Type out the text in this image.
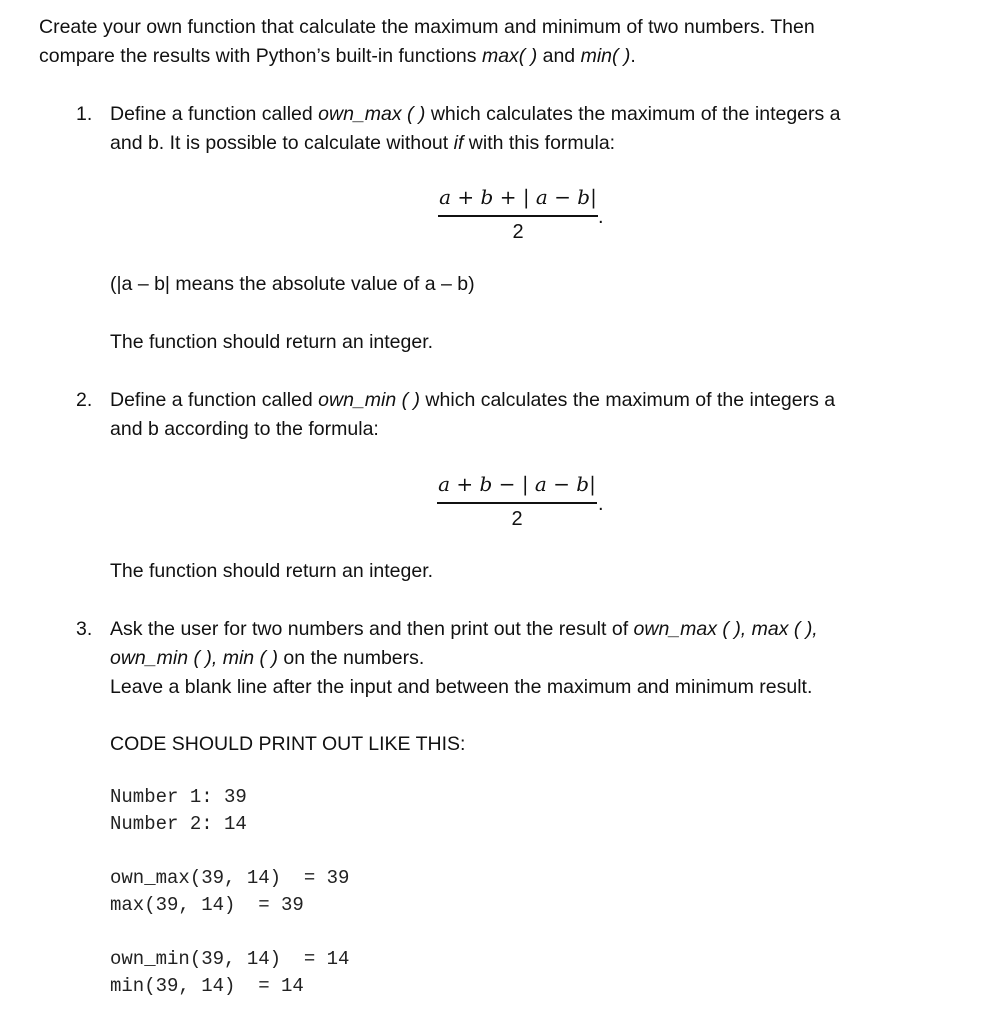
Create your own function that calculate the maximum and minimum of two numbers. Then
compare the results with Python’s built-in functions max( ) and min( ).
1. Define a function called own_max ( ) which calculates the maximum of the integers a
and b. It is possible to calculate without if with this formula:
a + b + | a − b|
2
.
(|a – b| means the absolute value of a – b)
The function should return an integer.
2. Define a function called own_min ( ) which calculates the maximum of the integers a
and b according to the formula:
a + b − | a − b|
2
.
The function should return an integer.
3. Ask the user for two numbers and then print out the result of own_max ( ), max ( ),
own_min ( ), min ( ) on the numbers.
Leave a blank line after the input and between the maximum and minimum result.
CODE SHOULD PRINT OUT LIKE THIS:
Number 1: 39
Number 2: 14
own_max(39, 14)  = 39
max(39, 14)  = 39
own_min(39, 14)  = 14
min(39, 14)  = 14
